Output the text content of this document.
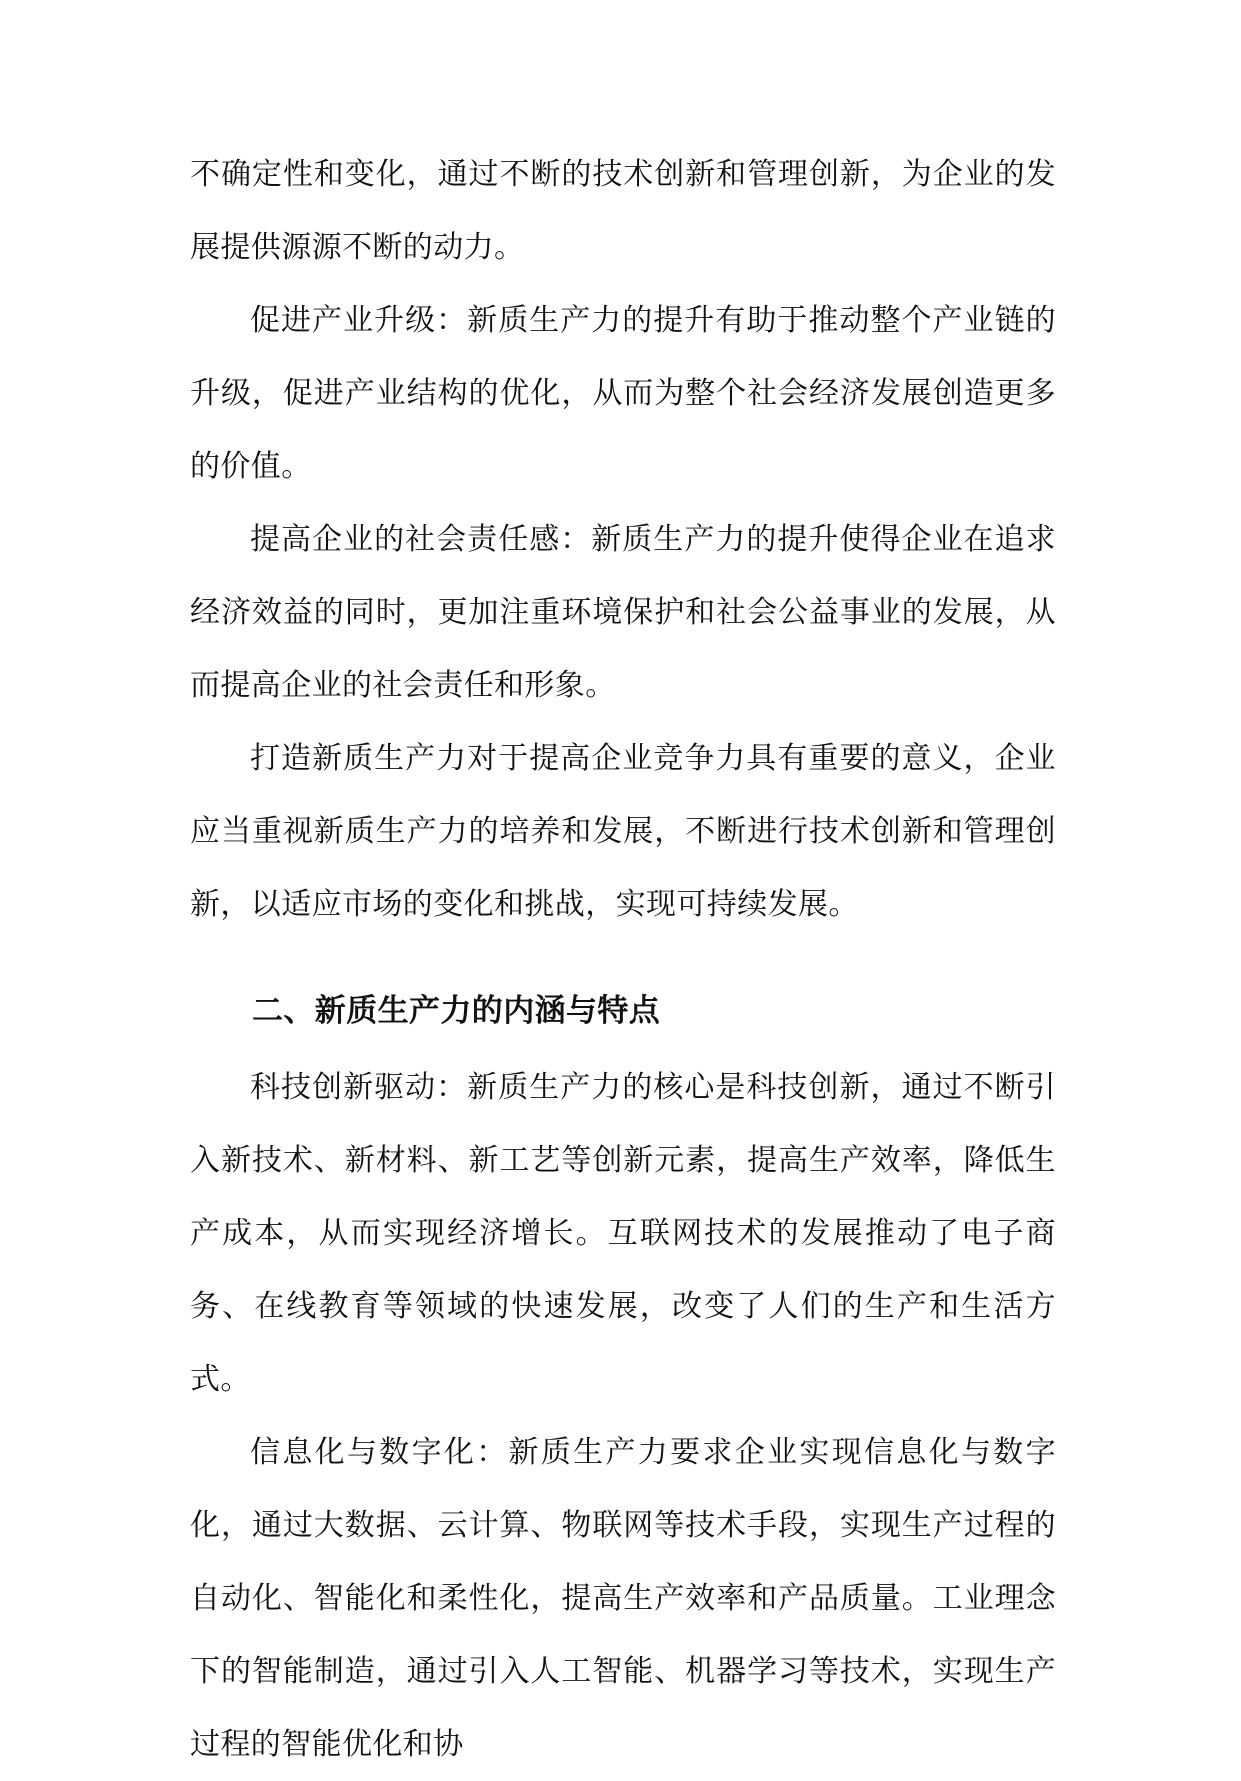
不确定性和变化，通过不断的技术创新和管理创新，为企业的发展提供源源不断的动力。

促进产业升级：新质生产力的提升有助于推动整个产业链的升级，促进产业结构的优化，从而为整个社会经济发展创造更多的价值。

提高企业的社会责任感：新质生产力的提升使得企业在追求经济效益的同时，更加注重环境保护和社会公益事业的发展，从而提高企业的社会责任和形象。

打造新质生产力对于提高企业竞争力具有重要的意义，企业应当重视新质生产力的培养和发展，不断进行技术创新和管理创新，以适应市场的变化和挑战，实现可持续发展。

二、新质生产力的内涵与特点

科技创新驱动：新质生产力的核心是科技创新，通过不断引入新技术、新材料、新工艺等创新元素，提高生产效率，降低生产成本，从而实现经济增长。互联网技术的发展推动了电子商务、在线教育等领域的快速发展，改变了人们的生产和生活方式。

信息化与数字化：新质生产力要求企业实现信息化与数字化，通过大数据、云计算、物联网等技术手段，实现生产过程的自动化、智能化和柔性化，提高生产效率和产品质量。工业理念下的智能制造，通过引入人工智能、机器学习等技术，实现生产过程的智能优化和协
